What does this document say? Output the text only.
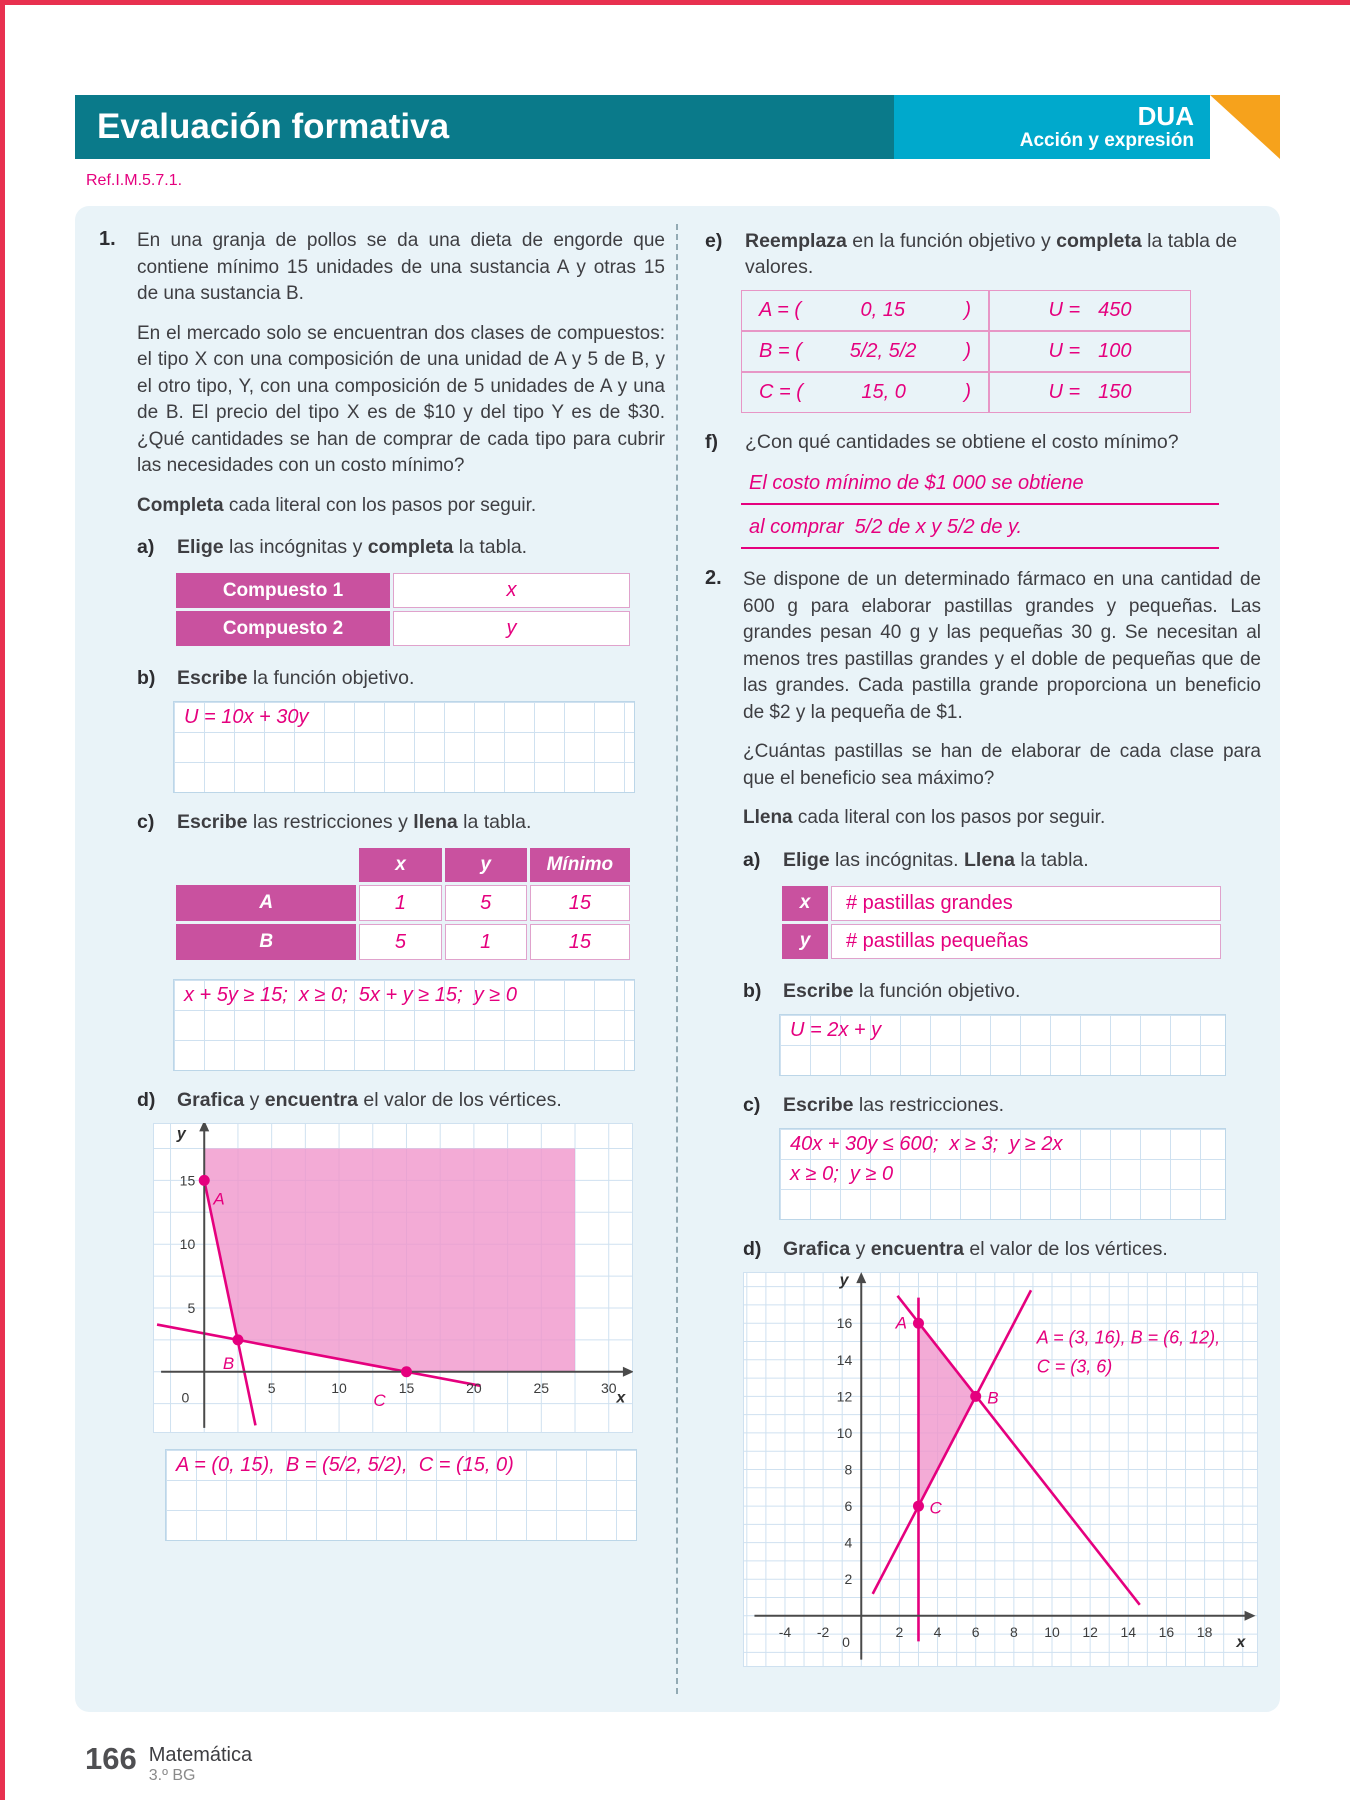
Evaluación formativa	DUA
Acción y expresión
Ref.I.M.5.7.1.
1.	En una granja de pollos se da una dieta de engorde que contiene mínimo 15 unidades de una sustancia A y otras 15 de una sustancia B.

En el mercado solo se encuentran dos clases de compuestos: el tipo X con una composición de una unidad de A y 5 de B, y el otro tipo, Y, con una composición de 5 unidades de A y una de B. El precio del tipo X es de $10 y del tipo Y es de $30. ¿Qué cantidades se han de comprar de cada tipo para cubrir las necesidades con un costo mínimo?

Completa cada literal con los pasos por seguir.

a)	Elige las incógnitas y completa la tabla.
Compuesto 1	x
Compuesto 2	y
b)	Escribe la función objetivo.
U = 10x + 30y
c)	Escribe las restricciones y llena la tabla.
	x	y	Mínimo
A	1	5	15
B	5	1	15
x + 5y ≥ 15;  x ≥ 0;  5x + y ≥ 15;  y ≥ 0
d)	Grafica y encuentra el valor de los vértices.
5	10	15	20	25	30
5
10
15
A
B
C	x
y
0
A = (0, 15),  B = (5/2, 5/2),  C = (15, 0)
e)	Reemplaza en la función objetivo y completa la tabla de valores.
A = ( 0, 15 )	U = 450

B = ( 5/2, 5/2 )	U = 100

C = ( 15, 0 )	U = 150
f)	¿Con qué cantidades se obtiene el costo mínimo?
El costo mínimo de $1 000 se obtiene
al comprar  5/2 de x y 5/2 de y.
2.	Se dispone de un determinado fármaco en una cantidad de 600 g para elaborar pastillas grandes y pequeñas. Las grandes pesan 40 g y las pequeñas 30 g. Se necesitan al menos tres pastillas grandes y el doble de pequeñas que de las grandes. Cada pastilla grande proporciona un beneficio de $2 y la pequeña de $1.

¿Cuántas pastillas se han de elaborar de cada clase para que el beneficio sea máximo?

Llena cada literal con los pasos por seguir.

a)	Elige las incógnitas. Llena la tabla.
x	# pastillas grandes
y	# pastillas pequeñas
b)	Escribe la función objetivo.
U = 2x + y
c)	Escribe las restricciones.
40x + 30y ≤ 600;  x ≥ 3;  y ≥ 2x
x ≥ 0;  y ≥ 0
d)	Grafica y encuentra el valor de los vértices.
-4 -2	2 4 6 8 10 12 14 16 18
2
4
6
8
10
12
14
16	A
B
C
x
y
A = (3, 16), B = (6, 12),
C = (3, 6)
0
166 Matemática
3.º BG
